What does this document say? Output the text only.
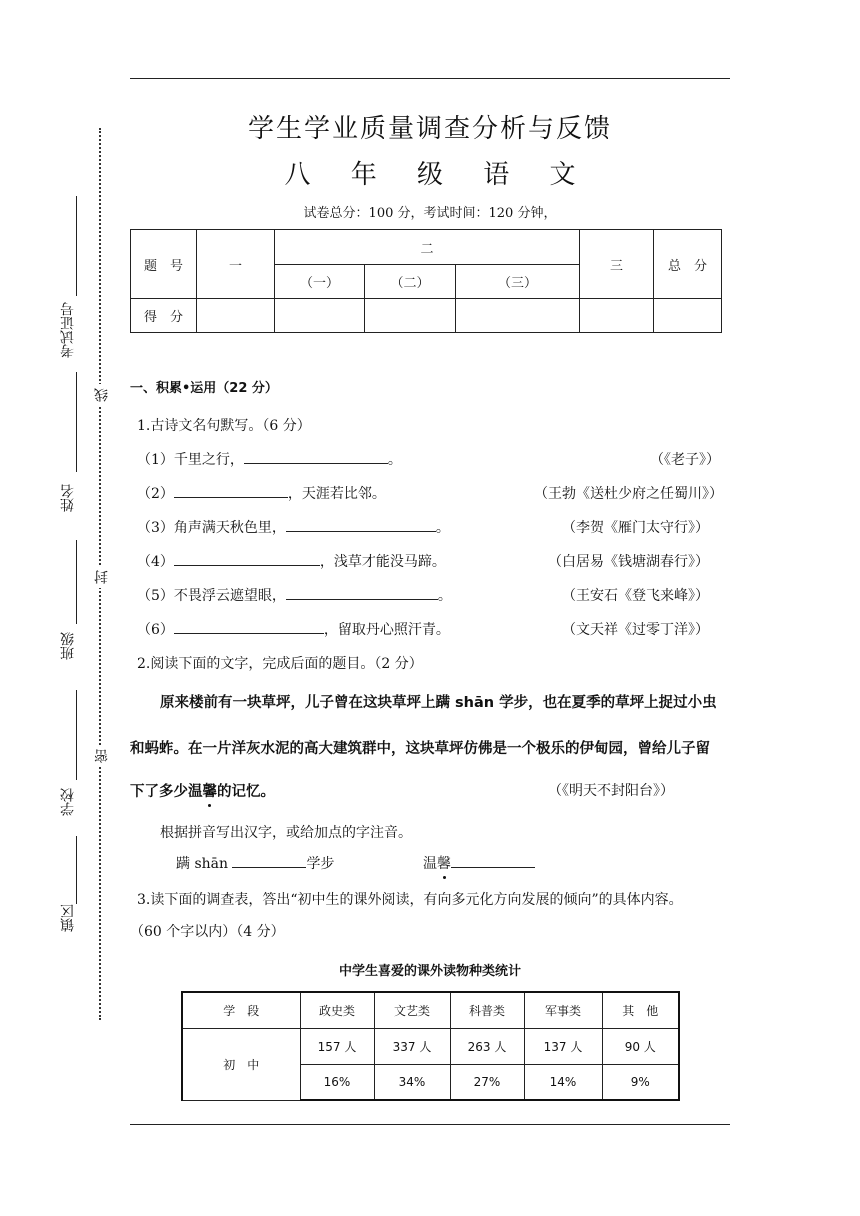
考试证号
姓名
班级
学校
镇区
线
封
密
学生学业质量调查分析与反馈
八 年 级 语 文
试卷总分：100 分，考试时间：120 分钟，
题　号	一	二			三	总　分
		（一）	（二）	（三）		
得　分						
一、积累•运用（22 分）
1.古诗文名句默写。（6 分）
（1）千里之行，	。	（《老子》）
（2）	，天涯若比邻。	（王勃《送杜少府之任蜀川》）
（3）角声满天秋色里，	。	（李贺《雁门太守行》）
（4）	，浅草才能没马蹄。	（白居易《钱塘湖春行》）
（5）不畏浮云遮望眼，	。	（王安石《登飞来峰》）
（6）	，留取丹心照汗青。	（文天祥《过零丁洋》）
2.阅读下面的文字，完成后面的题目。（2 分）
原来楼前有一块草坪，儿子曾在这块草坪上蹒 shān 学步，也在夏季的草坪上捉过小虫
和蚂蚱。在一片洋灰水泥的高大建筑群中，这块草坪仿佛是一个极乐的伊甸园，曾给儿子留
下了多少温馨的记忆。	（《明天不封阳台》）
根据拼音写出汉字，或给加点的字注音。
蹒 shān	学步	温馨
3.读下面的调查表，答出“初中生的课外阅读，有向多元化方向发展的倾向”的具体内容。
（60 个字以内）（4 分）
中学生喜爱的课外读物种类统计
学　段	政史类	文艺类	科普类	军事类	其　他
初　中	157 人	337 人	263 人	137 人	90 人
	16%	34%	27%	14%	9%
